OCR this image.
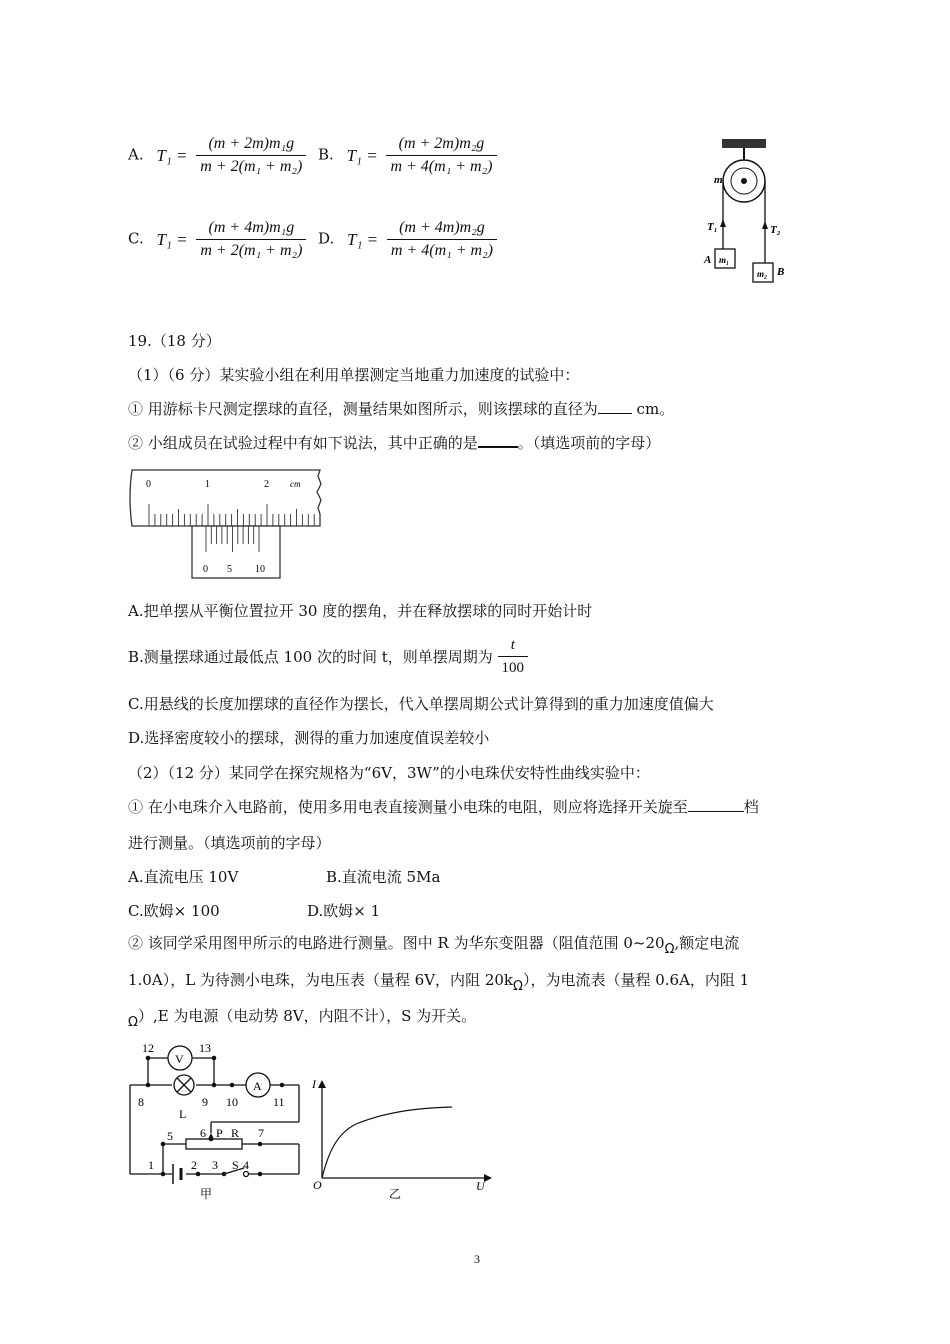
A. $T_1 = \frac{\text{(m + 2m)m₁g}}{\text{m + 2(m₁ + m₂)}} B$. $T_1 = \frac{\text{(m + 2m)m₂g}}{\text{m + 4(m₁ + m₂)}}$
C. $T_1 = \frac{\text{(m + 4m)m₁g}}{\text{m + 2(m₁ + m₂)}} D$. $T_1 = \frac{\text{(m + 4m)m₂g}}{\text{m + 4(m₁ + m₂)}}$
m
T₁	T₂
m₁
A
m₂ B
19.（18 分）
（1）（6 分）某实验小组在利用单摆测定当地重力加速度的试验中：
① 用游标卡尺测定摆球的直径，测量结果如图所示，则该摆球的直径为 cm。
② 小组成员在试验过程中有如下说法，其中正确的是	。（填选项前的字母）
0	1	2 cm
0 5 10
A.把单摆从平衡位置拉开 30 度的摆角，并在释放摆球的同时开始计时
B.测量摆球通过最低点 100 次的时间 t，则单摆周期为 $\frac{t}{100}$
C.用悬线的长度加摆球的直径作为摆长，代入单摆周期公式计算得到的重力加速度值偏大
D.选择密度较小的摆球，测得的重力加速度值误差较小
（2）（12 分）某同学在探究规格为“6V，3W”的小电珠伏安特性曲线实验中：
① 在小电珠介入电路前，使用多用电表直接测量小电珠的电阻，则应将选择开关旋至	档
进行测量。（填选项前的字母）
A.直流电压 10V	B.直流电流 5Ma
C.欧姆× 100	D.欧姆× 1
② 该同学采用图甲所示的电路进行测量。图中 R 为华东变阻器（阻值范围 0~20Ω,额定电流
1.0A），L 为待测小电珠，为电压表（量程 6V，内阻 20kΩ），为电流表（量程 0.6A，内阻 1
Ω）,E 为电源（电动势 8V，内阻不计），S 为开关。
12	13
V
8	9 10
A
11
L
5 6 P R 7
1	2 3 S 4
甲
I
U
O
乙
3
